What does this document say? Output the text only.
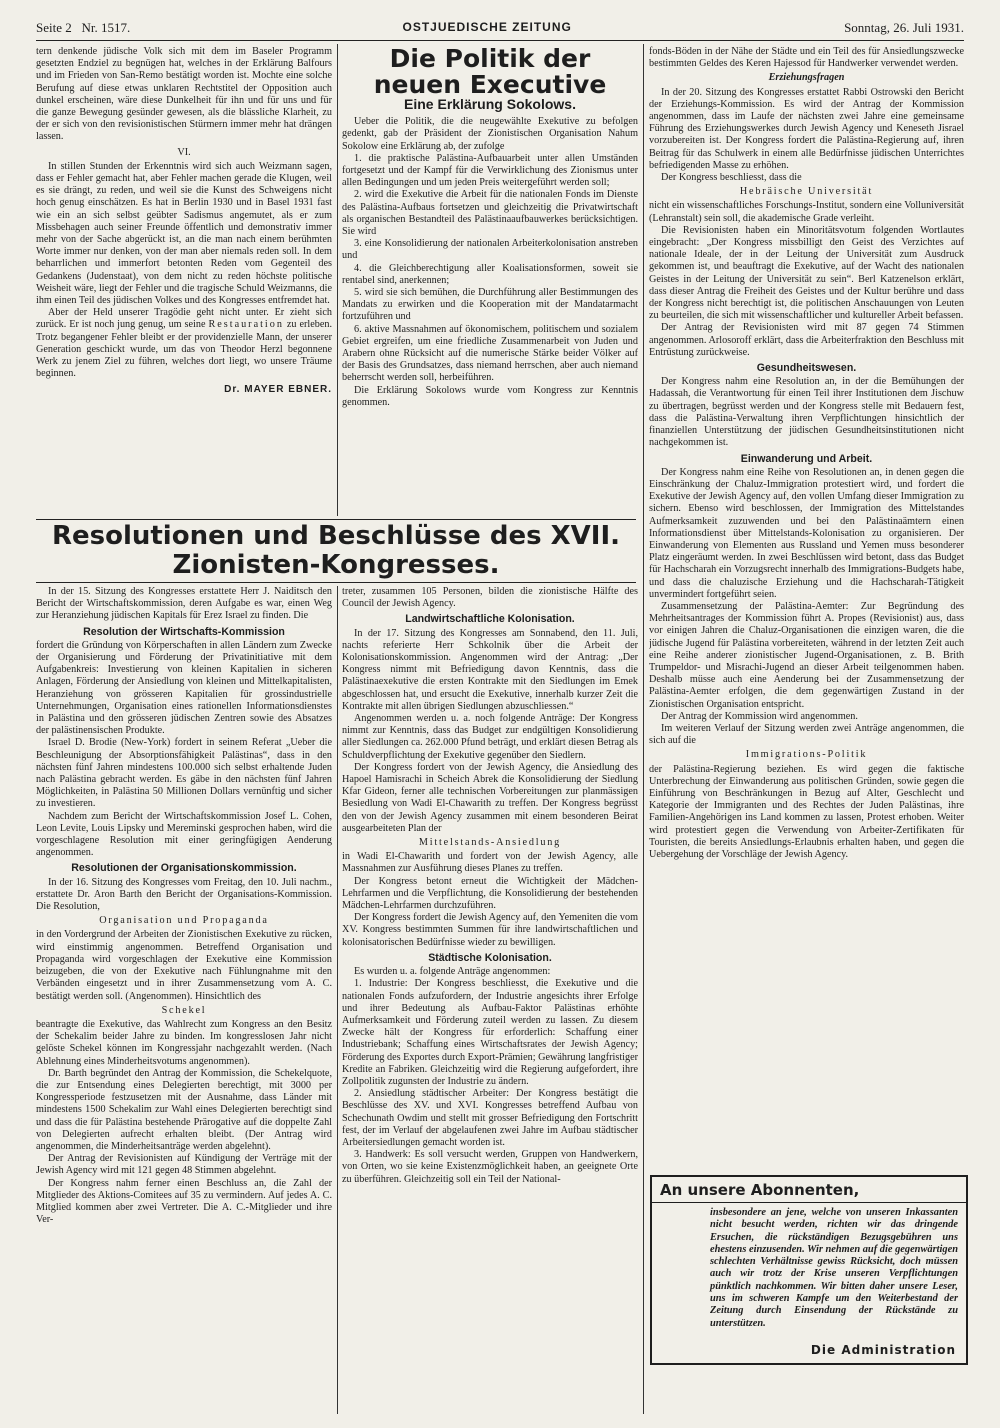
Seite 2 Nr. 1517.	OSTJUEDISCHE ZEITUNG	Sonntag, 26. Juli 1931.

tern denkende jüdische Volk sich mit dem im Baseler Programm gesetzten Endziel zu begnügen hat, welches in der Erklärung Balfours und im Frieden von San-Remo bestätigt worden ist. Mochte eine solche Berufung auf diese etwas unklaren Rechtstitel der Opposition auch dunkel erscheinen, wäre diese Dunkelheit für ihn und für uns und für die ganze Bewegung gesünder gewesen, als die blässliche Klarheit, zu der er sich von den revisionistischen Stürmern immer mehr hat drängen lassen.

VI.

In stillen Stunden der Erkenntnis wird sich auch Weizmann sagen, dass er Fehler gemacht hat, aber Fehler machen gerade die Klugen, weil es sie drängt, zu reden, und weil sie die Kunst des Schweigens nicht hoch genug einschätzen. Es hat in Berlin 1930 und in Basel 1931 fast wie ein an sich selbst geübter Sadismus angemutet, als er zum Missbehagen auch seiner Freunde öffentlich und demonstrativ immer mehr von der Sache abgerückt ist, an die man nach einem berühmten Worte immer nur denken, von der man aber niemals reden soll. In dem beharrlichen und immerfort betonten Reden vom Gegenteil des Gedankens (Judenstaat), von dem nicht zu reden höchste politische Weisheit wäre, liegt der Fehler und die tragische Schuld Weizmanns, die ihm einen Teil des jüdischen Volkes und des Kongresses entfremdet hat.

Aber der Held unserer Tragödie geht nicht unter. Er zieht sich zurück. Er ist noch jung genug, um seine Restauration zu erleben. Trotz begangener Fehler bleibt er der providenzielle Mann, der unserer Generation geschickt wurde, um das von Theodor Herzl begonnene Werk zu jenem Ziel zu führen, welches dort liegt, wo unsere Träume beginnen.

Dr. MAYER EBNER.
Die Politik der
neuen Executive
Eine Erklärung Sokolows.

Ueber die Politik, die die neugewählte Exekutive zu befolgen gedenkt, gab der Präsident der Zionistischen Organisation Nahum Sokolow eine Erklärung ab, der zufolge

1. die praktische Palästina-Aufbauarbeit unter allen Umständen fortgesetzt und der Kampf für die Verwirklichung des Zionismus unter allen Bedingungen und um jeden Preis weitergeführt werden soll;

2. wird die Exekutive die Arbeit für die nationalen Fonds im Dienste des Palästina-Aufbaus fortsetzen und gleichzeitig die Privatwirtschaft als organischen Bestandteil des Palästinaaufbauwerkes berücksichtigen. Sie wird

3. eine Konsolidierung der nationalen Arbeiterkolonisation anstreben und

4. die Gleichberechtigung aller Koalisationsformen, soweit sie rentabel sind, anerkennen;

5. wird sie sich bemühen, die Durchführung aller Bestimmungen des Mandats zu erwirken und die Kooperation mit der Mandatarmacht fortzuführen und

6. aktive Massnahmen auf ökonomischem, politischem und sozialem Gebiet ergreifen, um eine friedliche Zusammenarbeit von Juden und Arabern ohne Rücksicht auf die numerische Stärke beider Völker auf der Basis des Grundsatzes, dass niemand herrschen, aber auch niemand beherrscht werden soll, herbeiführen.

Die Erklärung Sokolows wurde vom Kongress zur Kenntnis genommen.

fonds-Böden in der Nähe der Städte und ein Teil des für Ansiedlungszwecke bestimmten Geldes des Keren Hajessod für Handwerker verwendet werden.

Erziehungsfragen

In der 20. Sitzung des Kongresses erstattet Rabbi Ostrowski den Bericht der Erziehungs-Kommission. Es wird der Antrag der Kommission angenommen, dass im Laufe der nächsten zwei Jahre eine gemeinsame Führung des Erziehungswerkes durch Jewish Agency und Keneseth Jisrael vorzubereiten ist. Der Kongress fordert die Palästina-Regierung auf, ihren Beitrag für das Schulwerk in einem alle Bedürfnisse jüdischen Unterrichtes befriedigenden Masse zu erhöhen.

Der Kongress beschliesst, dass die

Hebräische Universität

nicht ein wissenschaftliches Forschungs-Institut, sondern eine Volluniversität (Lehranstalt) sein soll, die akademische Grade verleiht.

Die Revisionisten haben ein Minoritätsvotum folgenden Wortlautes eingebracht: „Der Kongress missbilligt den Geist des Verzichtes auf nationale Ideale, der in der Leitung der Universität zum Ausdruck gekommen ist, und beauftragt die Exekutive, auf der Wacht des nationalen Geistes in der Leitung der Universität zu sein“. Berl Katzenelson erklärt, dass dieser Antrag die Freiheit des Geistes und der Kultur berühre und dass der Kongress nicht berechtigt ist, die politischen Anschauungen von Leuten zu beurteilen, die sich mit wissenschaftlicher und kultureller Arbeit befassen.

Der Antrag der Revisionisten wird mit 87 gegen 74 Stimmen angenommen. Arlosoroff erklärt, dass die Arbeiterfraktion den Beschluss mit Entrüstung zurückweise.

Gesundheitswesen.

Der Kongress nahm eine Resolution an, in der die Bemühungen der Hadassah, die Verantwortung für einen Teil ihrer Institutionen dem Jischuw zu übertragen, begrüsst werden und der Kongress stelle mit Bedauern fest, dass die Palästina-Verwaltung ihren Verpflichtungen hinsichtlich der finanziellen Unterstützung der jüdischen Gesundheitsinstitutionen nicht nachgekommen ist.

Einwanderung und Arbeit.

Der Kongress nahm eine Reihe von Resolutionen an, in denen gegen die Einschränkung der Chaluz-Immigration protestiert wird, und fordert die Exekutive der Jewish Agency auf, den vollen Umfang dieser Immigration zu sichern. Ebenso wird beschlossen, der Immigration des Mittelstandes Aufmerksamkeit zuzuwenden und bei den Palästinaämtern einen Informationsdienst über Mittelstands-Kolonisation zu organisieren. Der Einwanderung von Elementen aus Russland und Yemen muss besonderer Platz eingeräumt werden. In zwei Beschlüssen wird betont, dass das Budget für Hachscharah ein Vorzugsrecht innerhalb des Immigrations-Budgets habe, und dass die chaluzische Erziehung und die Hachscharah-Tätigkeit unvermindert fortgeführt seien.

Zusammensetzung der Palästina-Aemter: Zur Begründung des Mehrheitsantrages der Kommission führt A. Propes (Revisionist) aus, dass vor einigen Jahren die Chaluz-Organisationen die einzigen waren, die die jüdische Jugend für Palästina vorbereiteten, während in der letzten Zeit auch eine Reihe anderer zionistischer Jugend-Organisationen, z. B. Brith Trumpeldor- und Misrachi-Jugend an dieser Arbeit teilgenommen haben. Deshalb müsse auch eine Aenderung bei der Zusammensetzung der Palästina-Aemter erfolgen, die dem gegenwärtigen Zustand in der Zionistischen Organisation entspricht.

Der Antrag der Kommission wird angenommen.

Im weiteren Verlauf der Sitzung werden zwei Anträge angenommen, die sich auf die

Immigrations-Politik

der Palästina-Regierung beziehen. Es wird gegen die faktische Unterbrechung der Einwanderung aus politischen Gründen, sowie gegen die Einführung von Beschränkungen in Bezug auf Alter, Geschlecht und Kategorie der Immigranten und des Rechtes der Juden Palästinas, ihre Familien-Angehörigen ins Land kommen zu lassen, Protest erhoben. Weiter wird protestiert gegen die Verwendung von Arbeiter-Zertifikaten für Touristen, die bereits Ansiedlungs-Erlaubnis erhalten haben, und gegen die Uebergehung der Vorschläge der Jewish Agency.

Resolutionen und Beschlüsse des XVII.
Zionisten-Kongresses.

In der 15. Sitzung des Kongresses erstattete Herr J. Naiditsch den Bericht der Wirtschaftskommission, deren Aufgabe es war, einen Weg zur Heranziehung jüdischen Kapitals für Erez Israel zu finden. Die

Resolution der Wirtschafts-Kommission

fordert die Gründung von Körperschaften in allen Ländern zum Zwecke der Organisierung und Förderung der Privatinitiative mit dem Aufgabenkreis: Investierung von kleinen Kapitalien in sicheren Anlagen, Förderung der Ansiedlung von kleinen und Mittelkapitalisten, Heranziehung von grösseren Kapitalien für grossindustrielle Unternehmungen, Organisation eines rationellen Informationsdienstes in Palästina und den grösseren jüdischen Zentren sowie des Absatzes der palästinensischen Produkte.

Israel D. Brodie (New-York) fordert in seinem Referat „Ueber die Beschleunigung der Absorptionsfähigkeit Palästinas“, dass in den nächsten fünf Jahren mindestens 100.000 sich selbst erhaltende Juden nach Palästina gebracht werden. Es gäbe in den nächsten fünf Jahren Möglichkeiten, in Palästina 50 Millionen Dollars vernünftig und sicher zu investieren.

Nachdem zum Bericht der Wirtschaftskommission Josef L. Cohen, Leon Levite, Louis Lipsky und Mereminski gesprochen haben, wird die vorgeschlagene Resolution mit einer geringfügigen Aenderung angenommen.

Resolutionen der Organisationskommission.

In der 16. Sitzung des Kongresses vom Freitag, den 10. Juli nachm., erstattete Dr. Aron Barth den Bericht der Organisations-Kommission. Die Resolution,

Organisation und Propaganda

in den Vordergrund der Arbeiten der Zionistischen Exekutive zu rücken, wird einstimmig angenommen. Betreffend Organisation und Propaganda wird vorgeschlagen der Exekutive eine Kommission beizugeben, die von der Exekutive nach Fühlungnahme mit den Verbänden eingesetzt und in ihrer Zusammensetzung vom A. C. bestätigt werden soll. (Angenommen). Hinsichtlich des

Schekel

beantragte die Exekutive, das Wahlrecht zum Kongress an den Besitz der Schekalim beider Jahre zu binden. Im kongresslosen Jahr nicht gelöste Schekel können im Kongressjahr nachgezahlt werden. (Nach Ablehnung eines Minderheitsvotums angenommen).

Dr. Barth begründet den Antrag der Kommission, die Schekelquote, die zur Entsendung eines Delegierten berechtigt, mit 3000 per Kongressperiode festzusetzen mit der Ausnahme, dass Länder mit mindestens 1500 Schekalim zur Wahl eines Delegierten berechtigt sind und dass die für Palästina bestehende Prärogative auf die doppelte Zahl von Delegierten aufrecht erhalten bleibt. (Der Antrag wird angenommen, die Minderheitsanträge werden abgelehnt).

Der Antrag der Revisionisten auf Kündigung der Verträge mit der Jewish Agency wird mit 121 gegen 48 Stimmen abgelehnt.

Der Kongress nahm ferner einen Beschluss an, die Zahl der Mitglieder des Aktions-Comitees auf 35 zu vermindern. Auf jedes A. C. Mitglied kommen aber zwei Vertreter. Die A. C.-Mitglieder und ihre Ver-

treter, zusammen 105 Personen, bilden die zionistische Hälfte des Council der Jewish Agency.

Landwirtschaftliche Kolonisation.

In der 17. Sitzung des Kongresses am Sonnabend, den 11. Juli, nachts referierte Herr Schkolnik über die Arbeit der Kolonisationskommission. Angenommen wird der Antrag: „Der Kongress nimmt mit Befriedigung davon Kenntnis, dass die Palästinaexekutive die ersten Kontrakte mit den Siedlungen im Emek abgeschlossen hat, und ersucht die Exekutive, innerhalb kurzer Zeit die Kontrakte mit allen übrigen Siedlungen abzuschliessen.“

Angenommen werden u. a. noch folgende Anträge: Der Kongress nimmt zur Kenntnis, dass das Budget zur endgültigen Konsolidierung aller Siedlungen ca. 262.000 Pfund beträgt, und erklärt diesen Betrag als Schuldverpflichtung der Exekutive gegenüber den Siedlern.

Der Kongress fordert von der Jewish Agency, die Ansiedlung des Hapoel Hamisrachi in Scheich Abrek die Konsolidierung der Siedlung Kfar Gideon, ferner alle technischen Vorbereitungen zur planmässigen Besiedlung von Wadi El-Chawarith zu treffen. Der Kongress begrüsst den von der Jewish Agency zusammen mit einem besonderen Beirat ausgearbeiteten Plan der

Mittelstands-Ansiedlung

in Wadi El-Chawarith und fordert von der Jewish Agency, alle Massnahmen zur Ausführung dieses Planes zu treffen.

Der Kongress betont erneut die Wichtigkeit der Mädchen-Lehrfarmen und die Verpflichtung, die Konsolidierung der bestehenden Mädchen-Lehrfarmen durchzuführen.

Der Kongress fordert die Jewish Agency auf, den Yemeniten die vom XV. Kongress bestimmten Summen für ihre landwirtschaftlichen und kolonisatorischen Bedürfnisse wieder zu bewilligen.

Städtische Kolonisation.

Es wurden u. a. folgende Anträge angenommen:

1. Industrie: Der Kongress beschliesst, die Exekutive und die nationalen Fonds aufzufordern, der Industrie angesichts ihrer Erfolge und ihrer Bedeutung als Aufbau-Faktor Palästinas erhöhte Aufmerksamkeit und Förderung zuteil werden zu lassen. Zu diesem Zwecke hält der Kongress für erforderlich: Schaffung einer Industriebank; Schaffung eines Wirtschaftsrates der Jewish Agency; Förderung des Exportes durch Export-Prämien; Gewährung langfristiger Kredite an Fabriken. Gleichzeitig wird die Regierung aufgefordert, ihre Zollpolitik zugunsten der Industrie zu ändern.

2. Ansiedlung städtischer Arbeiter: Der Kongress bestätigt die Beschlüsse des XV. und XVI. Kongresses betreffend Aufbau von Schechunath Owdim und stellt mit grosser Befriedigung den Fortschritt fest, der im Verlauf der abgelaufenen zwei Jahre im Aufbau städtischer Arbeitersiedlungen gemacht worden ist.

3. Handwerk: Es soll versucht werden, Gruppen von Handwerkern, von Orten, wo sie keine Existenzmöglichkeit haben, an geeignete Orte zu überführen. Gleichzeitig soll ein Teil der National-

An unsere Abonnenten,
insbesondere an jene, welche von unseren Inkassanten nicht besucht werden, richten wir das dringende Ersuchen, die rückständigen Bezugsgebühren uns ehestens einzusenden. Wir nehmen auf die gegenwärtigen schlechten Verhältnisse gewiss Rücksicht, doch müssen auch wir trotz der Krise unseren Verpflichtungen pünktlich nachkommen. Wir bitten daher unsere Leser, uns im schweren Kampfe um den Weiterbestand der Zeitung durch Einsendung der Rückstände zu unterstützen.
Die Administration
